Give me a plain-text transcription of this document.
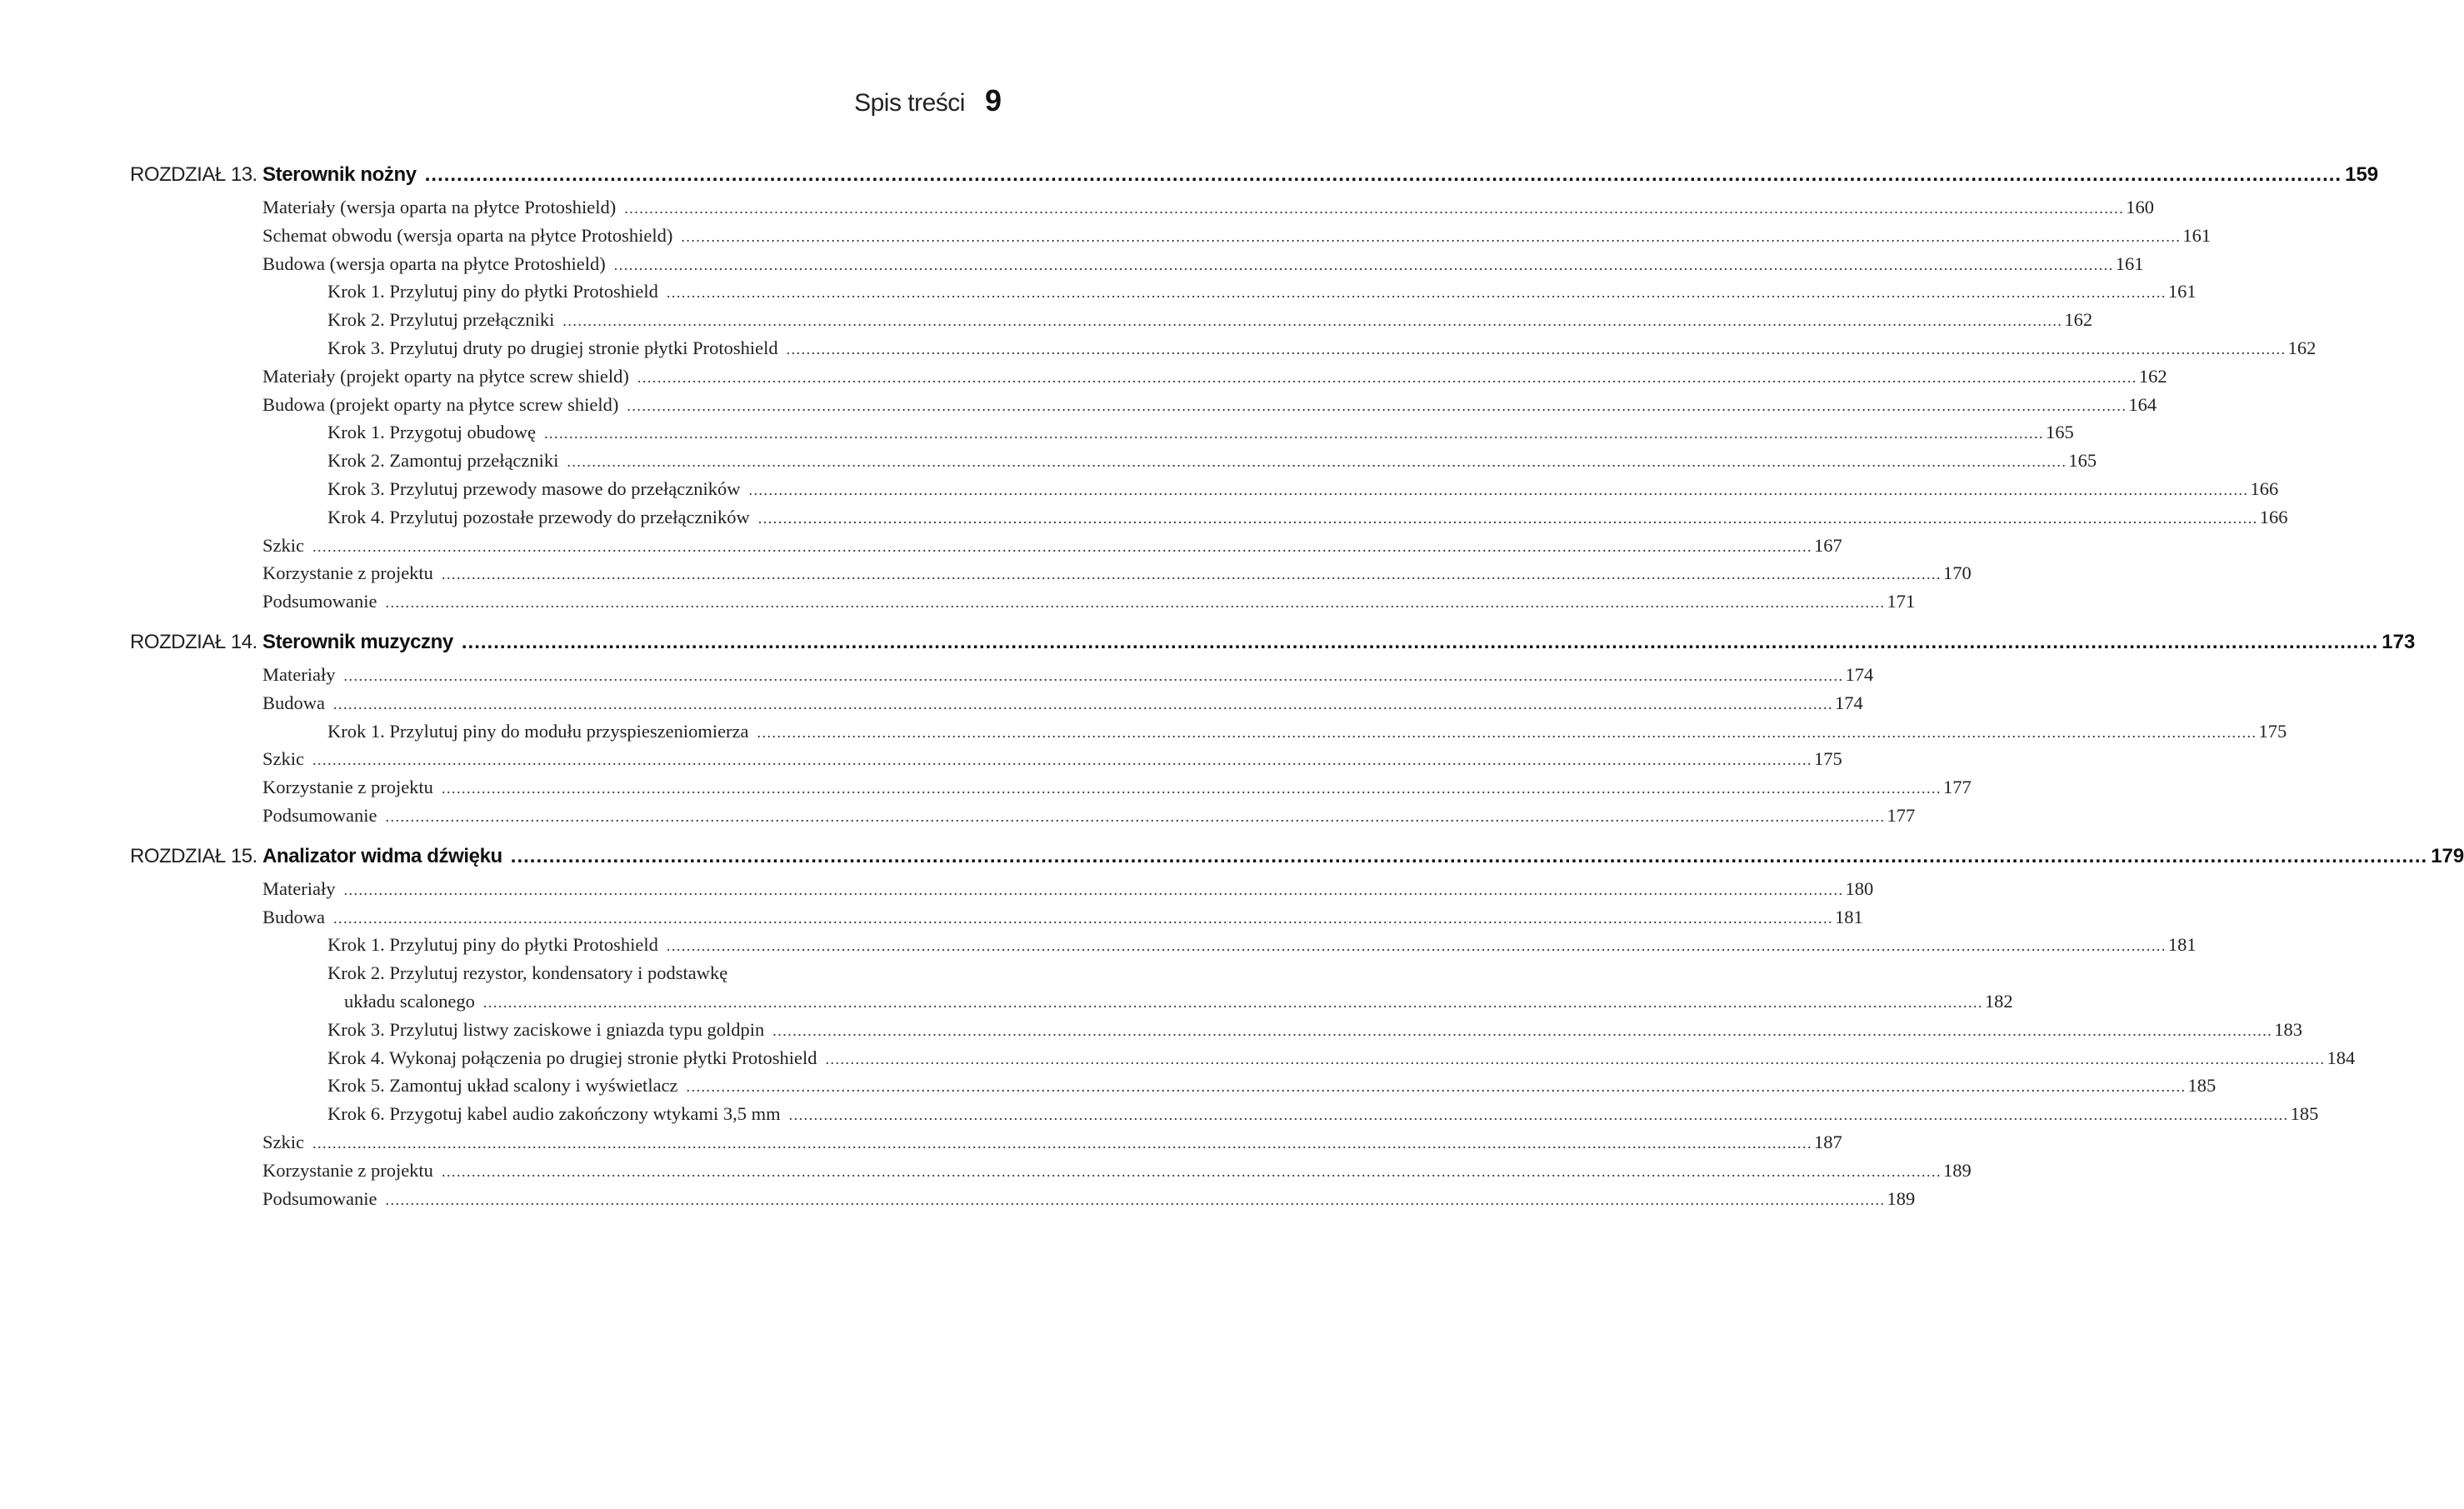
Spis treści 9
ROZDZIAŁ 13. Sterownik nożny ............................................................................................................................................................................................................................................................................................................ 159
Materiały (wersja oparta na płytce Protoshield) ............................................................................................................................................................................................................................................................................................................ 160
Schemat obwodu (wersja oparta na płytce Protoshield) ............................................................................................................................................................................................................................................................................................................ 161
Budowa (wersja oparta na płytce Protoshield) ............................................................................................................................................................................................................................................................................................................ 161
Krok 1. Przylutuj piny do płytki Protoshield ............................................................................................................................................................................................................................................................................................................ 161
Krok 2. Przylutuj przełączniki ............................................................................................................................................................................................................................................................................................................ 162
Krok 3. Przylutuj druty po drugiej stronie płytki Protoshield ............................................................................................................................................................................................................................................................................................................ 162
Materiały (projekt oparty na płytce screw shield) ............................................................................................................................................................................................................................................................................................................ 162
Budowa (projekt oparty na płytce screw shield) ............................................................................................................................................................................................................................................................................................................ 164
Krok 1. Przygotuj obudowę ............................................................................................................................................................................................................................................................................................................ 165
Krok 2. Zamontuj przełączniki ............................................................................................................................................................................................................................................................................................................ 165
Krok 3. Przylutuj przewody masowe do przełączników ............................................................................................................................................................................................................................................................................................................ 166
Krok 4. Przylutuj pozostałe przewody do przełączników ............................................................................................................................................................................................................................................................................................................ 166
Szkic ............................................................................................................................................................................................................................................................................................................ 167
Korzystanie z projektu ............................................................................................................................................................................................................................................................................................................ 170
Podsumowanie ............................................................................................................................................................................................................................................................................................................ 171
ROZDZIAŁ 14. Sterownik muzyczny ............................................................................................................................................................................................................................................................................................................ 173
Materiały ............................................................................................................................................................................................................................................................................................................ 174
Budowa ............................................................................................................................................................................................................................................................................................................ 174
Krok 1. Przylutuj piny do modułu przyspieszeniomierza ............................................................................................................................................................................................................................................................................................................ 175
Szkic ............................................................................................................................................................................................................................................................................................................ 175
Korzystanie z projektu ............................................................................................................................................................................................................................................................................................................ 177
Podsumowanie ............................................................................................................................................................................................................................................................................................................ 177
ROZDZIAŁ 15. Analizator widma dźwięku ............................................................................................................................................................................................................................................................................................................ 179
Materiały ............................................................................................................................................................................................................................................................................................................ 180
Budowa ............................................................................................................................................................................................................................................................................................................ 181
Krok 1. Przylutuj piny do płytki Protoshield ............................................................................................................................................................................................................................................................................................................ 181
Krok 2. Przylutuj rezystor, kondensatory i podstawkę
układu scalonego ............................................................................................................................................................................................................................................................................................................ 182
Krok 3. Przylutuj listwy zaciskowe i gniazda typu goldpin ............................................................................................................................................................................................................................................................................................................ 183
Krok 4. Wykonaj połączenia po drugiej stronie płytki Protoshield ............................................................................................................................................................................................................................................................................................................ 184
Krok 5. Zamontuj układ scalony i wyświetlacz ............................................................................................................................................................................................................................................................................................................ 185
Krok 6. Przygotuj kabel audio zakończony wtykami 3,5 mm ............................................................................................................................................................................................................................................................................................................ 185
Szkic ............................................................................................................................................................................................................................................................................................................ 187
Korzystanie z projektu ............................................................................................................................................................................................................................................................................................................ 189
Podsumowanie ............................................................................................................................................................................................................................................................................................................ 189
